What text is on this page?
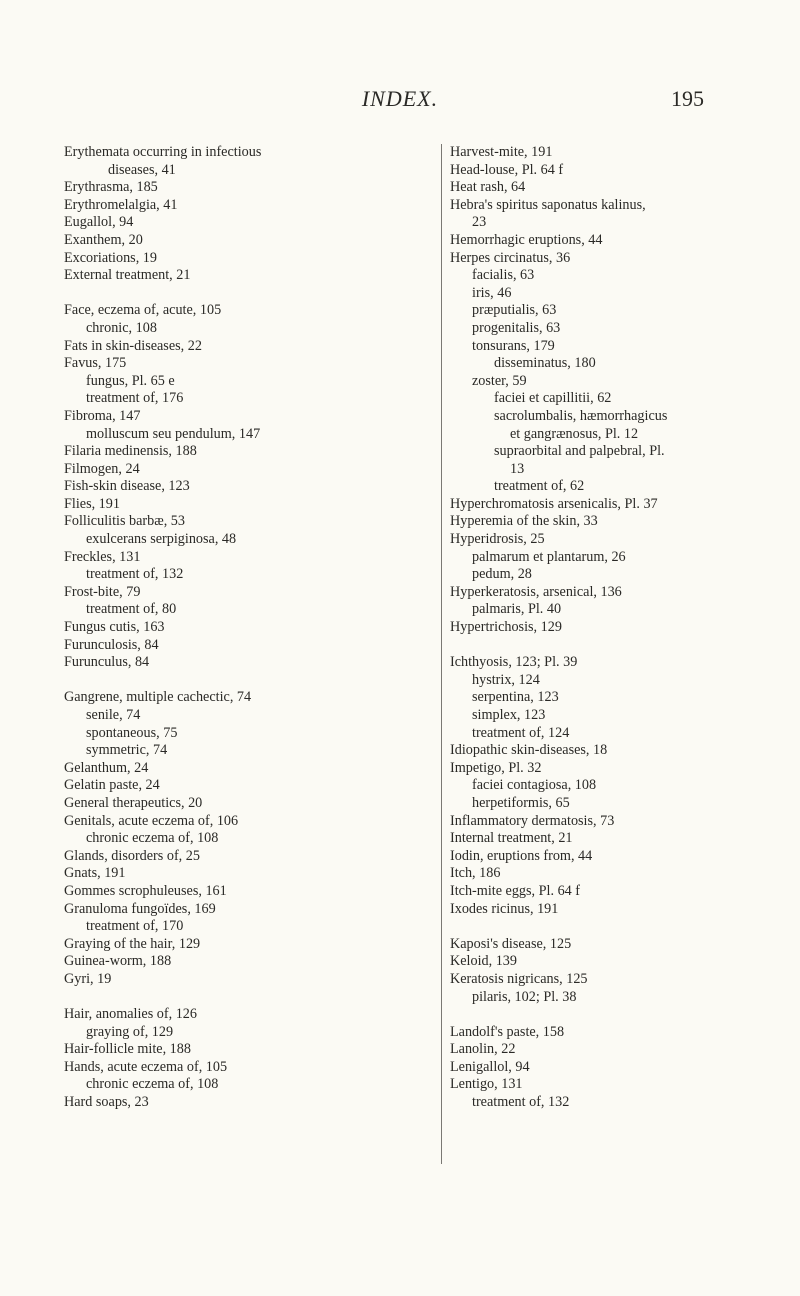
INDEX.	195
Erythemata occurring in infectious
diseases, 41
Erythrasma, 185
Erythromelalgia, 41
Eugallol, 94
Exanthem, 20
Excoriations, 19
External treatment, 21
Face, eczema of, acute, 105
chronic, 108
Fats in skin-diseases, 22
Favus, 175
fungus, Pl. 65 e
treatment of, 176
Fibroma, 147
molluscum seu pendulum, 147
Filaria medinensis, 188
Filmogen, 24
Fish-skin disease, 123
Flies, 191
Folliculitis barbæ, 53
exulcerans serpiginosa, 48
Freckles, 131
treatment of, 132
Frost-bite, 79
treatment of, 80
Fungus cutis, 163
Furunculosis, 84
Furunculus, 84
Gangrene, multiple cachectic, 74
senile, 74
spontaneous, 75
symmetric, 74
Gelanthum, 24
Gelatin paste, 24
General therapeutics, 20
Genitals, acute eczema of, 106
chronic eczema of, 108
Glands, disorders of, 25
Gnats, 191
Gommes scrophuleuses, 161
Granuloma fungoïdes, 169
treatment of, 170
Graying of the hair, 129
Guinea-worm, 188
Gyri, 19
Hair, anomalies of, 126
graying of, 129
Hair-follicle mite, 188
Hands, acute eczema of, 105
chronic eczema of, 108
Hard soaps, 23
Harvest-mite, 191
Head-louse, Pl. 64 f
Heat rash, 64
Hebra's spiritus saponatus kalinus,
23
Hemorrhagic eruptions, 44
Herpes circinatus, 36
facialis, 63
iris, 46
præputialis, 63
progenitalis, 63
tonsurans, 179
disseminatus, 180
zoster, 59
faciei et capillitii, 62
sacrolumbalis, hæmorrhagicus
et gangrænosus, Pl. 12
supraorbital and palpebral, Pl.
13
treatment of, 62
Hyperchromatosis arsenicalis, Pl. 37
Hyperemia of the skin, 33
Hyperidrosis, 25
palmarum et plantarum, 26
pedum, 28
Hyperkeratosis, arsenical, 136
palmaris, Pl. 40
Hypertrichosis, 129
Ichthyosis, 123; Pl. 39
hystrix, 124
serpentina, 123
simplex, 123
treatment of, 124
Idiopathic skin-diseases, 18
Impetigo, Pl. 32
faciei contagiosa, 108
herpetiformis, 65
Inflammatory dermatosis, 73
Internal treatment, 21
Iodin, eruptions from, 44
Itch, 186
Itch-mite eggs, Pl. 64 f
Ixodes ricinus, 191
Kaposi's disease, 125
Keloid, 139
Keratosis nigricans, 125
pilaris, 102; Pl. 38
Landolf's paste, 158
Lanolin, 22
Lenigallol, 94
Lentigo, 131
treatment of, 132
